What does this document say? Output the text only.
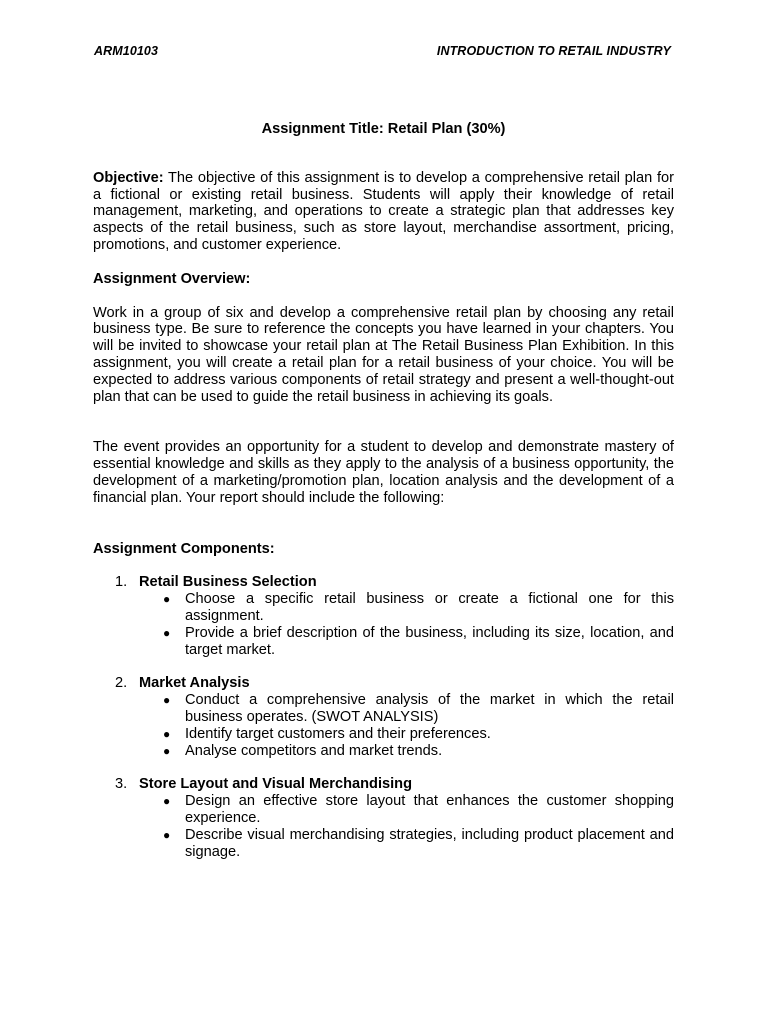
ARM10103	INTRODUCTION TO RETAIL INDUSTRY
Assignment Title: Retail Plan (30%)

Objective: The objective of this assignment is to develop a comprehensive retail plan for a fictional or existing retail business. Students will apply their knowledge of retail management, marketing, and operations to create a strategic plan that addresses key aspects of the retail business, such as store layout, merchandise assortment, pricing, promotions, and customer experience.

Assignment Overview:

Work in a group of six and develop a comprehensive retail plan by choosing any retail business type. Be sure to reference the concepts you have learned in your chapters. You will be invited to showcase your retail plan at The Retail Business Plan Exhibition. In this assignment, you will create a retail plan for a retail business of your choice. You will be expected to address various components of retail strategy and present a well-thought-out plan that can be used to guide the retail business in achieving its goals.

The event provides an opportunity for a student to develop and demonstrate mastery of essential knowledge and skills as they apply to the analysis of a business opportunity, the development of a marketing/promotion plan, location analysis and the development of a financial plan. Your report should include the following:

Assignment Components:

1. Retail Business Selection
● Choose a specific retail business or create a fictional one for this assignment.
● Provide a brief description of the business, including its size, location, and target market.
2. Market Analysis
● Conduct a comprehensive analysis of the market in which the retail business operates. (SWOT ANALYSIS)
● Identify target customers and their preferences.
● Analyse competitors and market trends.
3. Store Layout and Visual Merchandising
● Design an effective store layout that enhances the customer shopping experience.
● Describe visual merchandising strategies, including product placement and signage.
